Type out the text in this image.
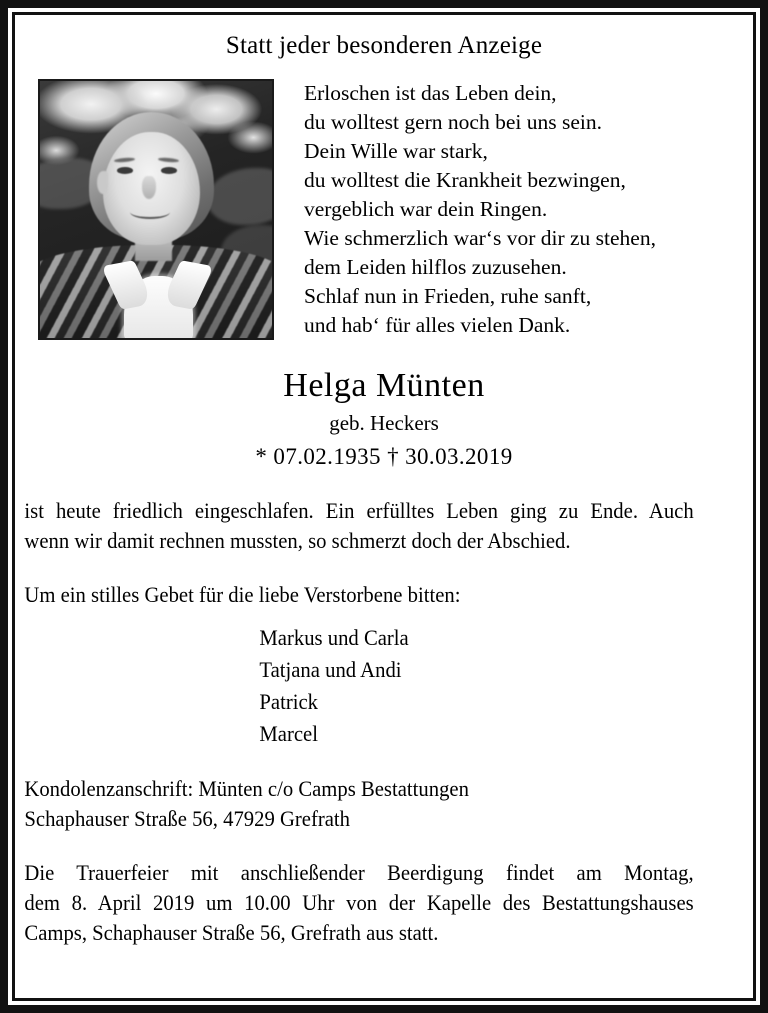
Statt jeder besonderen Anzeige
Erloschen ist das Leben dein,
du wolltest gern noch bei uns sein.
Dein Wille war stark,
du wolltest die Krankheit bezwingen,
vergeblich war dein Ringen.
Wie schmerzlich war‘s vor dir zu stehen,
dem Leiden hilflos zuzusehen.
Schlaf nun in Frieden, ruhe sanft,
und hab‘ für alles vielen Dank.
Helga Münten
geb. Heckers
* 07.02.1935 † 30.03.2019
ist heute friedlich eingeschlafen. Ein erfülltes Leben ging zu Ende. Auch
wenn wir damit rechnen mussten, so schmerzt doch der Abschied.
Um ein stilles Gebet für die liebe Verstorbene bitten:
Markus und Carla
Tatjana und Andi
Patrick
Marcel
Kondolenzanschrift: Münten c/o Camps Bestattungen
Schaphauser Straße 56, 47929 Grefrath
Die Trauerfeier mit anschließender Beerdigung findet am Montag,
dem 8. April 2019 um 10.00 Uhr von der Kapelle des Bestattungshauses
Camps, Schaphauser Straße 56, Grefrath aus statt.
